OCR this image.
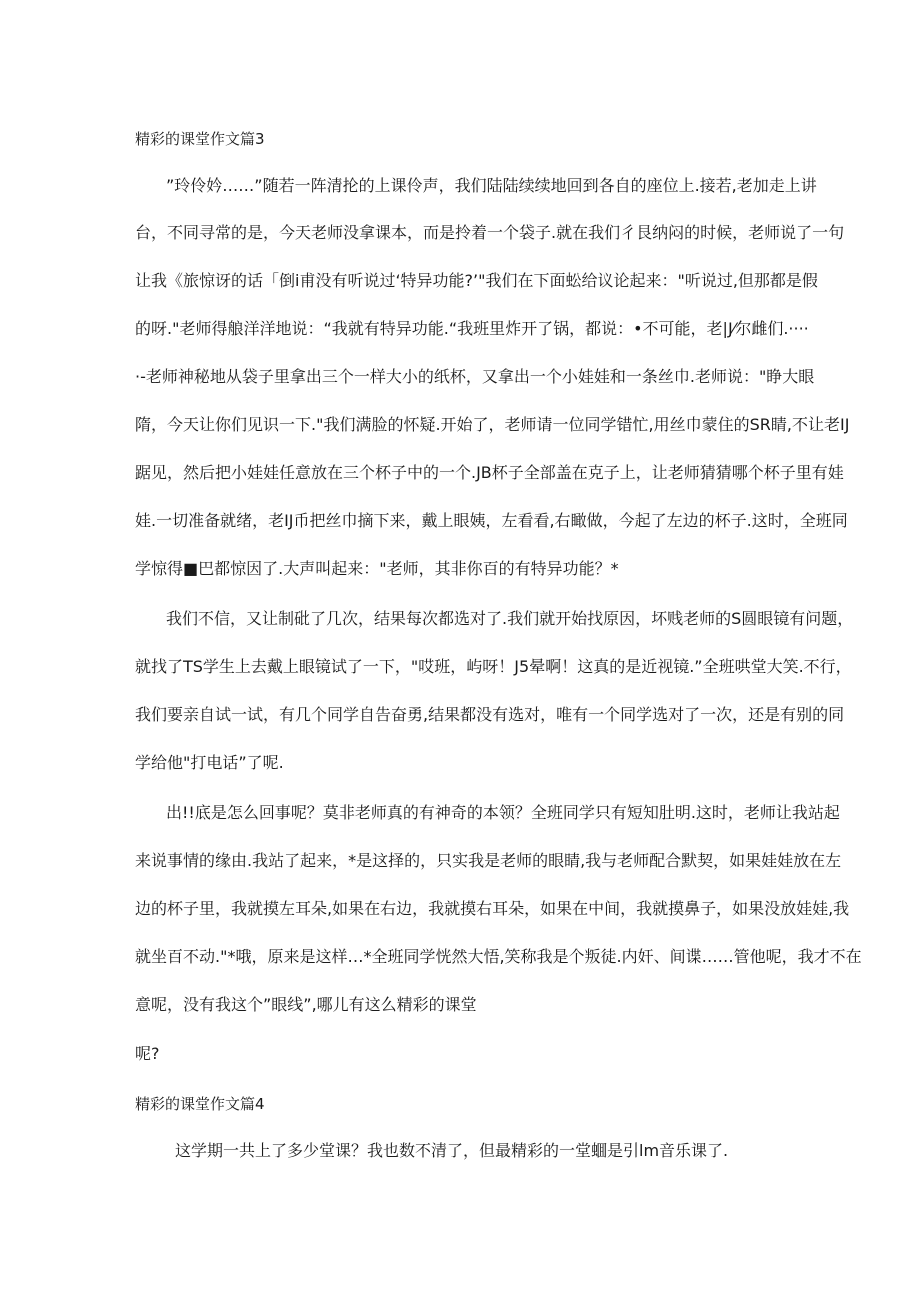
精彩的课堂作文篇3
”玲伶妗……”随若一阵清抡的上课伶声，我们陆陆续续地回到各自的座位上.接若,老加走上讲
台，不同寻常的是，今天老师没拿课本，而是拎着一个袋子.就在我们彳艮纳闷的时候，老师说了一句
让我《旅惊讶的话「倒i甫没有听说过‘特异功能?’"我们在下面蚣给议论起来："听说过,但那都是假
的呀."老师得艆洋洋地说：“我就有特异功能.“我班里炸开了锅，都说：•不可能，老|J⁄尔雌们.····
·-老师神秘地从袋子里拿出三个一样大小的纸杯，又拿出一个小娃娃和一条丝巾.老师说："睁大眼
隋，今天让你们见识一下."我们满脸的怀疑.开始了，老师请一位同学错忙,用丝巾蒙住的SR睛,不让老IJ
踞见，然后把小娃娃任意放在三个杯子中的一个.JB杯子全部盖在克子上，让老师猜猜哪个杯子里有娃
娃.一切准备就绪，老IJ币把丝巾摘下来，戴上眼姨，左看看,右瞰做，今起了左边的杯子.这时，全班同
学惊得■巴都惊因了.大声叫起来："老师，其非你百的有特异功能？*
我们不信，又让制砒了几次，结果每次都选对了.我们就开始找原因，坏贱老师的S圆眼镜有问题，
就找了TS学生上去戴上眼镜试了一下，"哎班，屿呀！J5晕啊！这真的是近视镜.”全班哄堂大笑.不行，
我们要亲自试一试，有几个同学自告奋勇,结果都没有选对，唯有一个同学选对了一次，还是有别的同
学给他"打电话”了呢.
出!!底是怎么回事呢？莫非老师真的有神奇的本领？全班同学只有短知肚明.这时，老师让我站起
来说事情的缘由.我站了起来，*是这择的，只实我是老师的眼睛,我与老师配合默契，如果娃娃放在左
边的杯子里，我就摸左耳朵,如果在右边，我就摸右耳朵，如果在中间，我就摸鼻子，如果没放娃娃,我
就坐百不动."*哦，原来是这样…*全班同学恍然大悟,笑称我是个叛徒.内奸、间谍……管他呢，我才不在
意呢，没有我这个”眼线”,哪儿有这么精彩的课堂
呢?
精彩的课堂作文篇4
这学期一共上了多少堂课？我也数不清了，但最精彩的一堂蜖是引lm音乐课了.
